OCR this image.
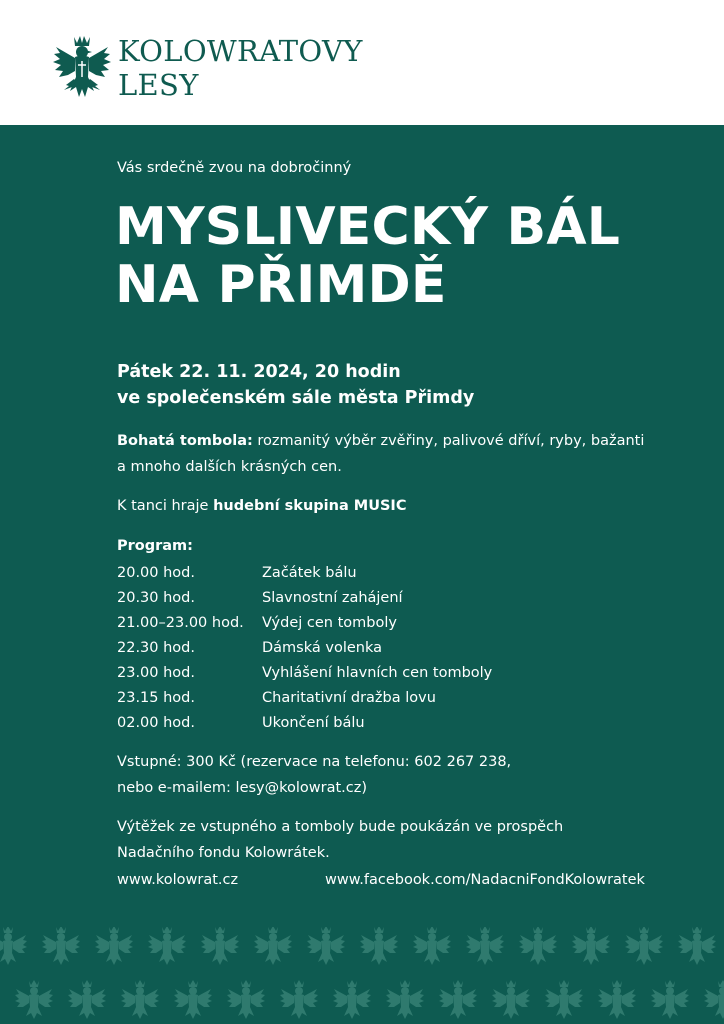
KOLOWRATOVY
LESY
Vás srdečně zvou na dobročinný
MYSLIVECKÝ BÁL
NA PŘIMDĚ
Pátek 22. 11. 2024, 20 hodin
ve společenském sále města Přimdy
Bohatá tombola: rozmanitý výběr zvěřiny, palivové dříví, ryby, bažanti
a mnoho dalších krásných cen.
K tanci hraje hudební skupina MUSIC
Program:
20.00 hod.	Začátek bálu
20.30 hod.	Slavnostní zahájení
21.00–23.00 hod.	Výdej cen tomboly
22.30 hod.	Dámská volenka
23.00 hod.	Vyhlášení hlavních cen tomboly
23.15 hod.	Charitativní dražba lovu
02.00 hod.	Ukončení bálu
Vstupné: 300 Kč (rezervace na telefonu: 602 267 238,
nebo e-mailem: lesy@kolowrat.cz)
Výtěžek ze vstupného a tomboly bude poukázán ve prospěch
Nadačního fondu Kolowrátek.
www.kolowrat.cz	www.facebook.com/NadacniFondKolowratek
